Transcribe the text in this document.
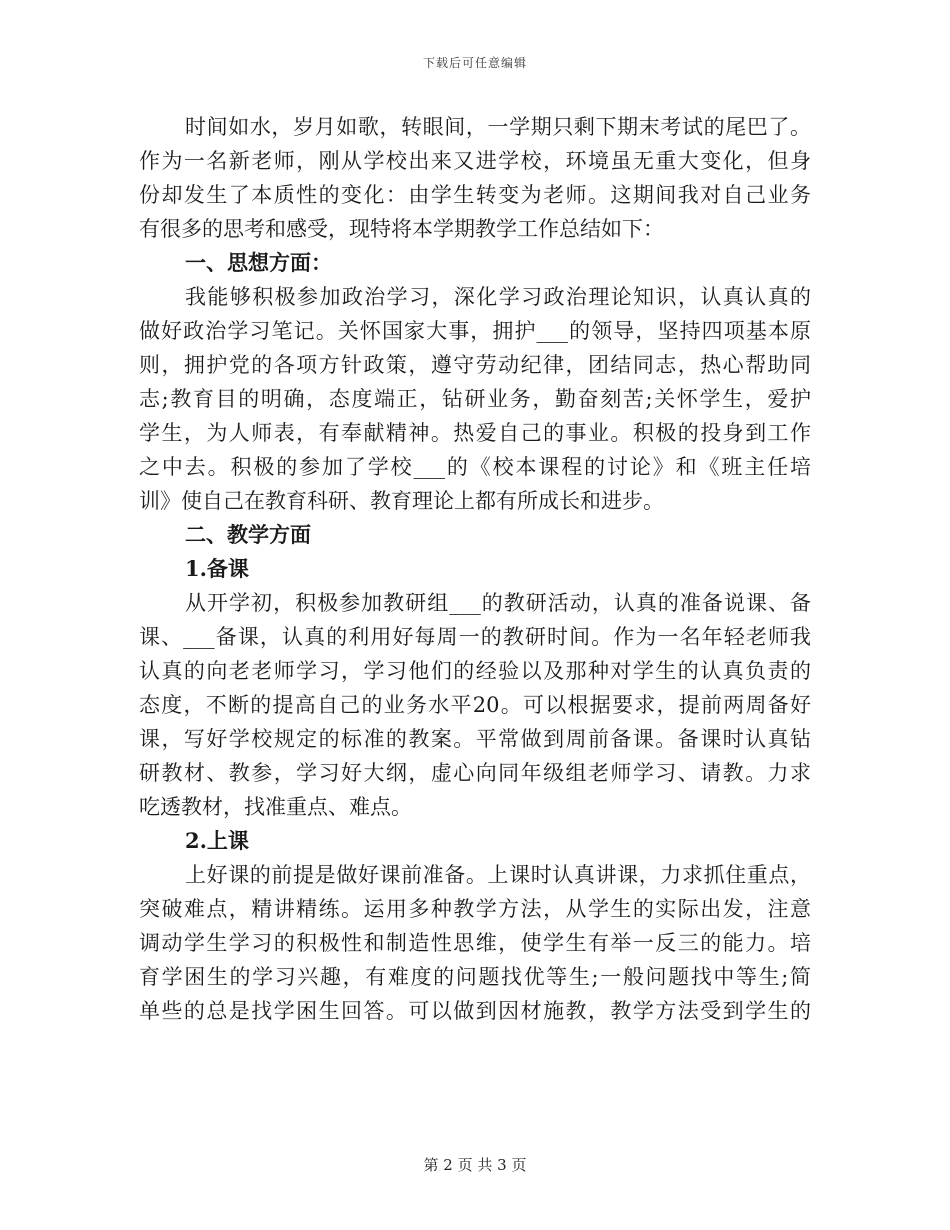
下载后可任意编辑
时间如水，岁月如歌，转眼间，一学期只剩下期末考试的尾巴了。
作为一名新老师，刚从学校出来又进学校，环境虽无重大变化，但身
份却发生了本质性的变化：由学生转变为老师。这期间我对自己业务
有很多的思考和感受，现特将本学期教学工作总结如下：
一、思想方面：
我能够积极参加政治学习，深化学习政治理论知识，认真认真的
做好政治学习笔记。关怀国家大事，拥护___的领导，坚持四项基本原
则，拥护党的各项方针政策，遵守劳动纪律，团结同志，热心帮助同
志;教育目的明确，态度端正，钻研业务，勤奋刻苦;关怀学生，爱护
学生，为人师表，有奉献精神。热爱自己的事业。积极的投身到工作
之中去。积极的参加了学校___的《校本课程的讨论》和《班主任培
训》使自己在教育科研、教育理论上都有所成长和进步。
二、教学方面
1.备课
从开学初，积极参加教研组___的教研活动，认真的准备说课、备
课、___备课，认真的利用好每周一的教研时间。作为一名年轻老师我
认真的向老老师学习，学习他们的经验以及那种对学生的认真负责的
态度，不断的提高自己的业务水平20。可以根据要求，提前两周备好
课，写好学校规定的标准的教案。平常做到周前备课。备课时认真钻
研教材、教参，学习好大纲，虚心向同年级组老师学习、请教。力求
吃透教材，找准重点、难点。
2.上课
上好课的前提是做好课前准备。上课时认真讲课，力求抓住重点，
突破难点，精讲精练。运用多种教学方法，从学生的实际出发，注意
调动学生学习的积极性和制造性思维，使学生有举一反三的能力。培
育学困生的学习兴趣，有难度的问题找优等生;一般问题找中等生;简
单些的总是找学困生回答。可以做到因材施教，教学方法受到学生的
第 2 页 共 3 页
